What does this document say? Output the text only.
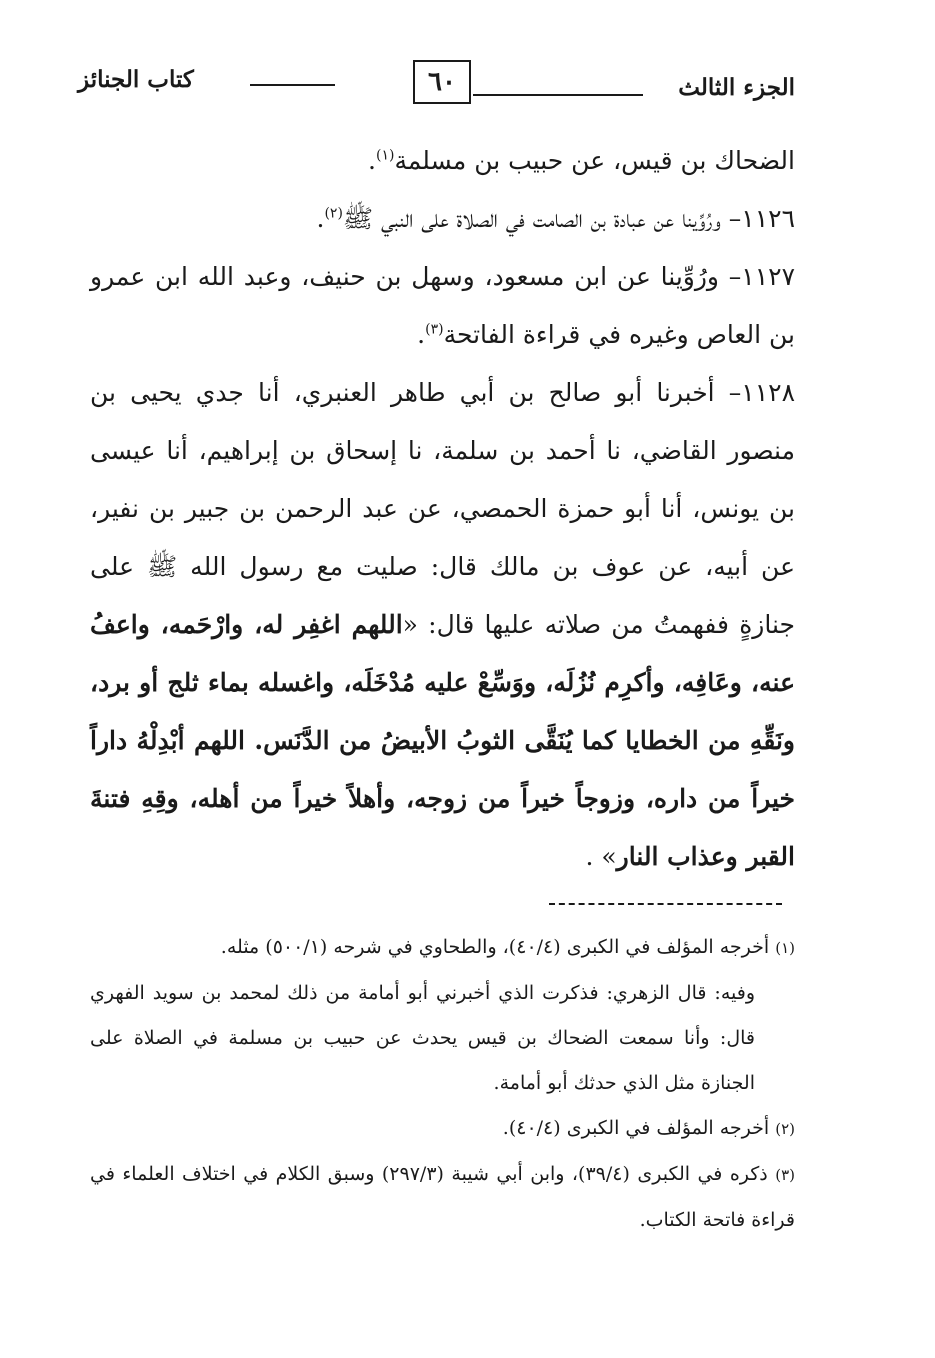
الجزء الثالث
٦٠
كتاب الجنائز

الضحاك بن قيس، عن حبيب بن مسلمة$^{(١)}$.

١١٢٦– ورُوِّينا عن عبادة بن الصامت في الصلاة على النبي ﷺ$^{(٢)}$.

١١٢٧– ورُوِّينا عن ابن مسعود، وسهل بن حنيف، وعبد الله ابن عمرو بن العاص وغيره في قراءة الفاتحة$^{(٣)}$.

١١٢٨– أخبرنا أبو صالح بن أبي طاهر العنبري، أنا جدي يحيى بن منصور القاضي، نا أحمد بن سلمة، نا إسحاق بن إبراهيم، أنا عيسى بن يونس، أنا أبو حمزة الحمصي، عن عبد الرحمن بن جبير بن نفير، عن أبيه، عن عوف بن مالك قال: صليت مع رسول الله ﷺ على جنازةٍ ففهمتُ من صلاته عليها قال: «اللهم اغفِر له، وارْحَمه، واعفُ عنه، وعَافِه، وأكرِم نُزُلَه، ووَسِّعْ عليه مُدْخَلَه، واغسله بماء ثلج أو برد، ونَقِّهِ من الخطايا كما يُنَقَّى الثوبُ الأبيضُ من الدَّنَس. اللهم أبْدِلْهُ داراً خيراً من داره، وزوجاً خيراً من زوجه، وأهلاً خيراً من أهله، وقِهِ فتنةَ القبر وعذاب النار» .

(١) أخرجه المؤلف في الكبرى (٤٠/٤)، والطحاوي في شرحه (٥٠٠/١) مثله.

وفيه: قال الزهري: فذكرت الذي أخبرني أبو أمامة من ذلك لمحمد بن سويد الفهري قال: وأنا سمعت الضحاك بن قيس يحدث عن حبيب بن مسلمة في الصلاة على الجنازة مثل الذي حدثك أبو أمامة.

(٢) أخرجه المؤلف في الكبرى (٤٠/٤).

(٣) ذكره في الكبرى (٣٩/٤)، وابن أبي شيبة (٢٩٧/٣) وسبق الكلام في اختلاف العلماء في قراءة فاتحة الكتاب.
